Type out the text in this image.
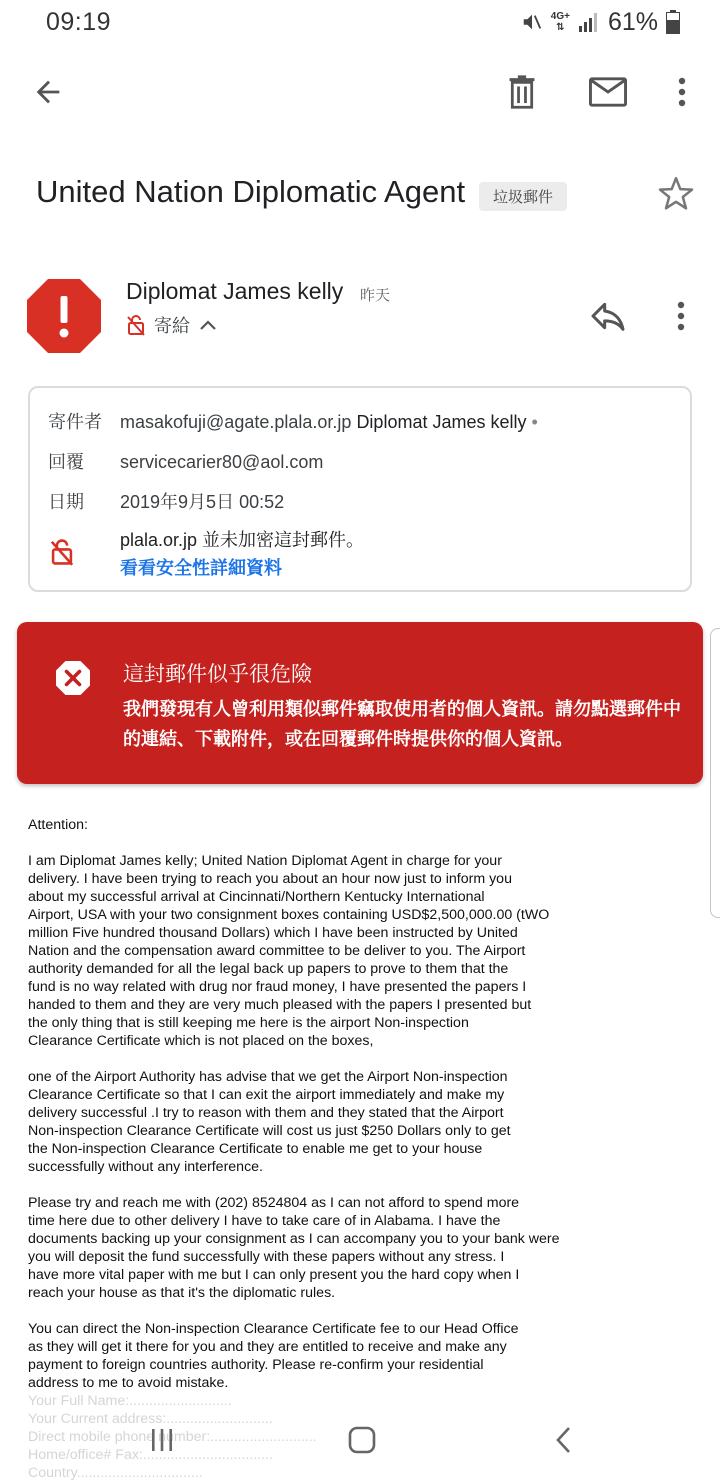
09:19	4G+
⇅ 61%
United Nation Diplomatic Agent	垃圾郵件
Diplomat James kelly 昨天
寄給
寄件者	masakofuji@agate.plala.or.jp Diplomat James kelly •
回覆	servicecarier80@aol.com
日期	2019年9月5日 00:52
plala.or.jp 並未加密這封郵件。
看看安全性詳細資料
這封郵件似乎很危險
我們發現有人曾利用類似郵件竊取使用者的個人資訊。請勿點選郵件中的連結、下載附件，或在回覆郵件時提供你的個人資訊。

Attention:

I am Diplomat James kelly; United Nation Diplomat Agent in charge for your
delivery. I have been trying to reach you about an hour now just to inform you
about my successful arrival at Cincinnati/Northern Kentucky International
Airport, USA with your two consignment boxes containing USD$2,500,000.00 (tWO
million Five hundred thousand Dollars) which I have been instructed by United
Nation and the compensation award committee to be deliver to you. The Airport
authority demanded for all the legal back up papers to prove to them that the
fund is no way related with drug nor fraud money, I have presented the papers I
handed to them and they are very much pleased with the papers I presented but
the only thing that is still keeping me here is the airport Non-inspection
Clearance Certificate which is not placed on the boxes,

one of the Airport Authority has advise that we get the Airport Non-inspection
Clearance Certificate so that I can exit the airport immediately and make my
delivery successful .I try to reason with them and they stated that the Airport
Non-inspection Clearance Certificate will cost us just $250 Dollars only to get
the Non-inspection Clearance Certificate to enable me get to your house
successfully without any interference.

Please try and reach me with (202) 8524804 as I can not afford to spend more
time here due to other delivery I have to take care of in Alabama. I have the
documents backing up your consignment as I can accompany you to your bank were
you will deposit the fund successfully with these papers without any stress. I
have more vital paper with me but I can only present you the hard copy when I
reach your house as that it's the diplomatic rules.

You can direct the Non-inspection Clearance Certificate fee to our Head Office
as they will get it there for you and they are entitled to receive and make any
payment to foreign countries authority. Please re-confirm your residential
address to me to avoid mistake.
